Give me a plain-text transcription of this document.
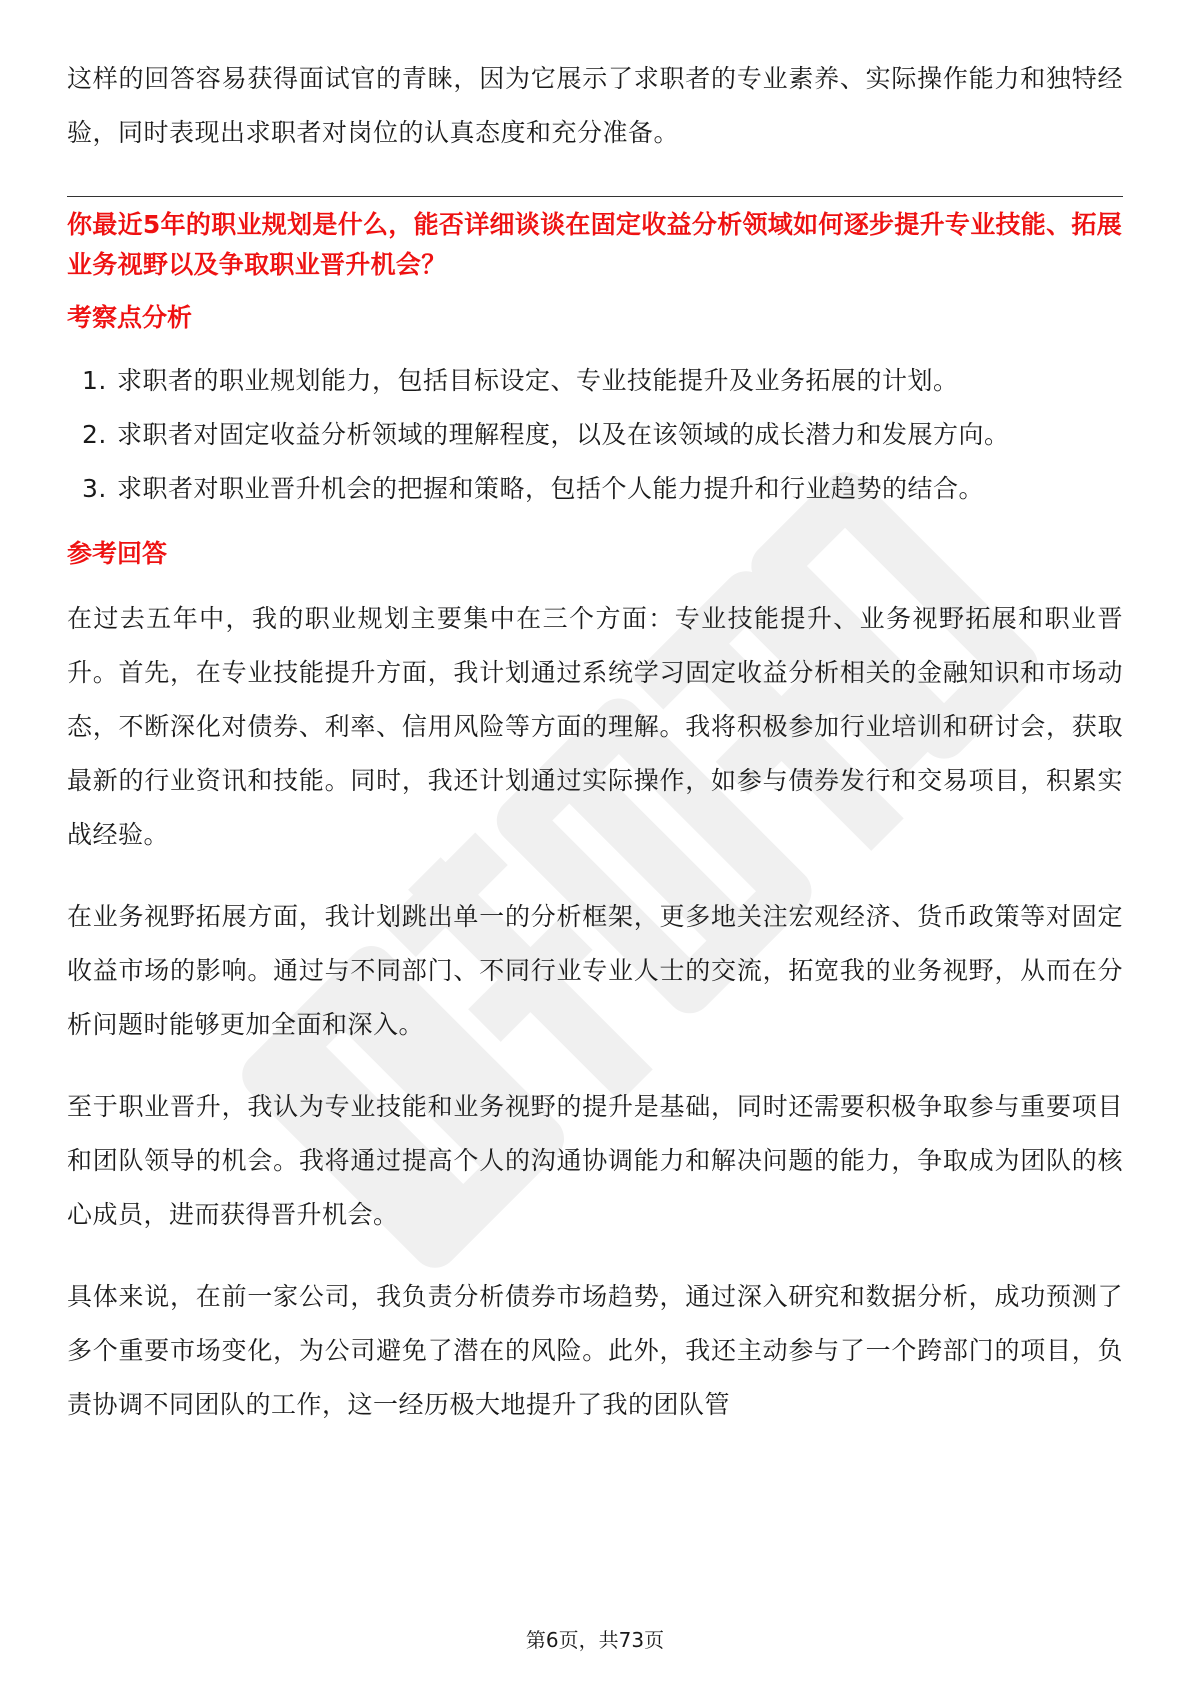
这样的回答容易获得面试官的青睐，因为它展示了求职者的专业素养、实际操作能力和独特经验，同时表现出求职者对岗位的认真态度和充分准备。

你最近5年的职业规划是什么，能否详细谈谈在固定收益分析领域如何逐步提升专业技能、拓展业务视野以及争取职业晋升机会？
考察点分析
1. 求职者的职业规划能力，包括目标设定、专业技能提升及业务拓展的计划。
2. 求职者对固定收益分析领域的理解程度，以及在该领域的成长潜力和发展方向。
3. 求职者对职业晋升机会的把握和策略，包括个人能力提升和行业趋势的结合。
参考回答

在过去五年中，我的职业规划主要集中在三个方面：专业技能提升、业务视野拓展和职业晋升。首先，在专业技能提升方面，我计划通过系统学习固定收益分析相关的金融知识和市场动态，不断深化对债券、利率、信用风险等方面的理解。我将积极参加行业培训和研讨会，获取最新的行业资讯和技能。同时，我还计划通过实际操作，如参与债券发行和交易项目，积累实战经验。

在业务视野拓展方面，我计划跳出单一的分析框架，更多地关注宏观经济、货币政策等对固定收益市场的影响。通过与不同部门、不同行业专业人士的交流，拓宽我的业务视野，从而在分析问题时能够更加全面和深入。

至于职业晋升，我认为专业技能和业务视野的提升是基础，同时还需要积极争取参与重要项目和团队领导的机会。我将通过提高个人的沟通协调能力和解决问题的能力，争取成为团队的核心成员，进而获得晋升机会。

具体来说，在前一家公司，我负责分析债券市场趋势，通过深入研究和数据分析，成功预测了多个重要市场变化，为公司避免了潜在的风险。此外，我还主动参与了一个跨部门的项目，负责协调不同团队的工作，这一经历极大地提升了我的团队管

第6页，共73页
